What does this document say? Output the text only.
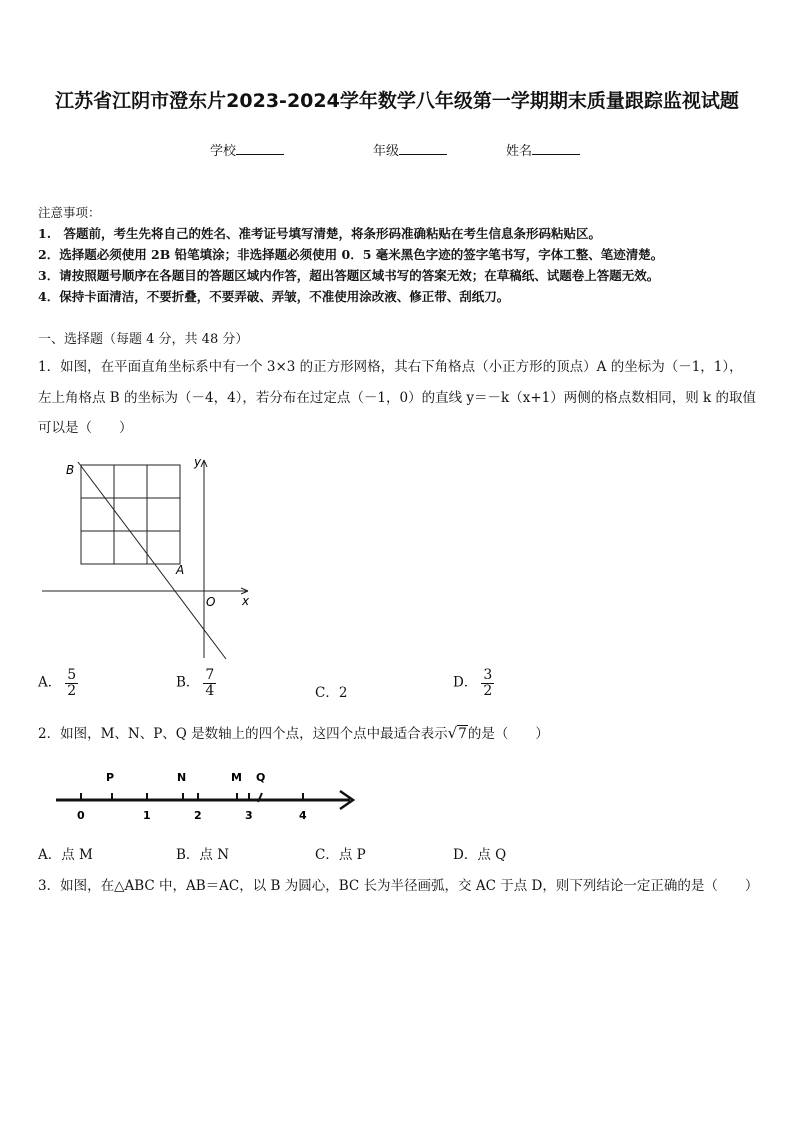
江苏省江阴市澄东片2023-2024学年数学八年级第一学期期末质量跟踪监视试题
学校	年级	姓名
注意事项：
1.　答题前，考生先将自己的姓名、准考证号填写清楚，将条形码准确粘贴在考生信息条形码粘贴区。
2．选择题必须使用 2B 铅笔填涂；非选择题必须使用 0．5 毫米黑色字迹的签字笔书写，字体工整、笔迹清楚。
3．请按照题号顺序在各题目的答题区域内作答，超出答题区域书写的答案无效；在草稿纸、试题卷上答题无效。
4．保持卡面清洁，不要折叠，不要弄破、弄皱，不准使用涂改液、修正带、刮纸刀。
一、选择题（每题 4 分，共 48 分）
1．如图，在平面直角坐标系中有一个 3×3 的正方形网格，其右下角格点（小正方形的顶点）A 的坐标为（－1，1），
左上角格点 B 的坐标为（－4，4），若分布在过定点（－1，0）的直线 y＝－k（x+1）两侧的格点数相同，则 k 的取值
可以是（　　）
B
A
O x
y
A． $\frac{5}{2}$	B． $\frac{7}{4}$	C．2
D． $\frac{3}{2}$
2．如图，M、N、P、Q 是数轴上的四个点，这四个点中最适合表示√7的是（　　）
P	N	M Q
0	1	2	3	4
A．点 M	B．点 N	C．点 P	D．点 Q
3．如图，在△ABC 中，AB＝AC，以 B 为圆心，BC 长为半径画弧，交 AC 于点 D，则下列结论一定正确的是（　　）
